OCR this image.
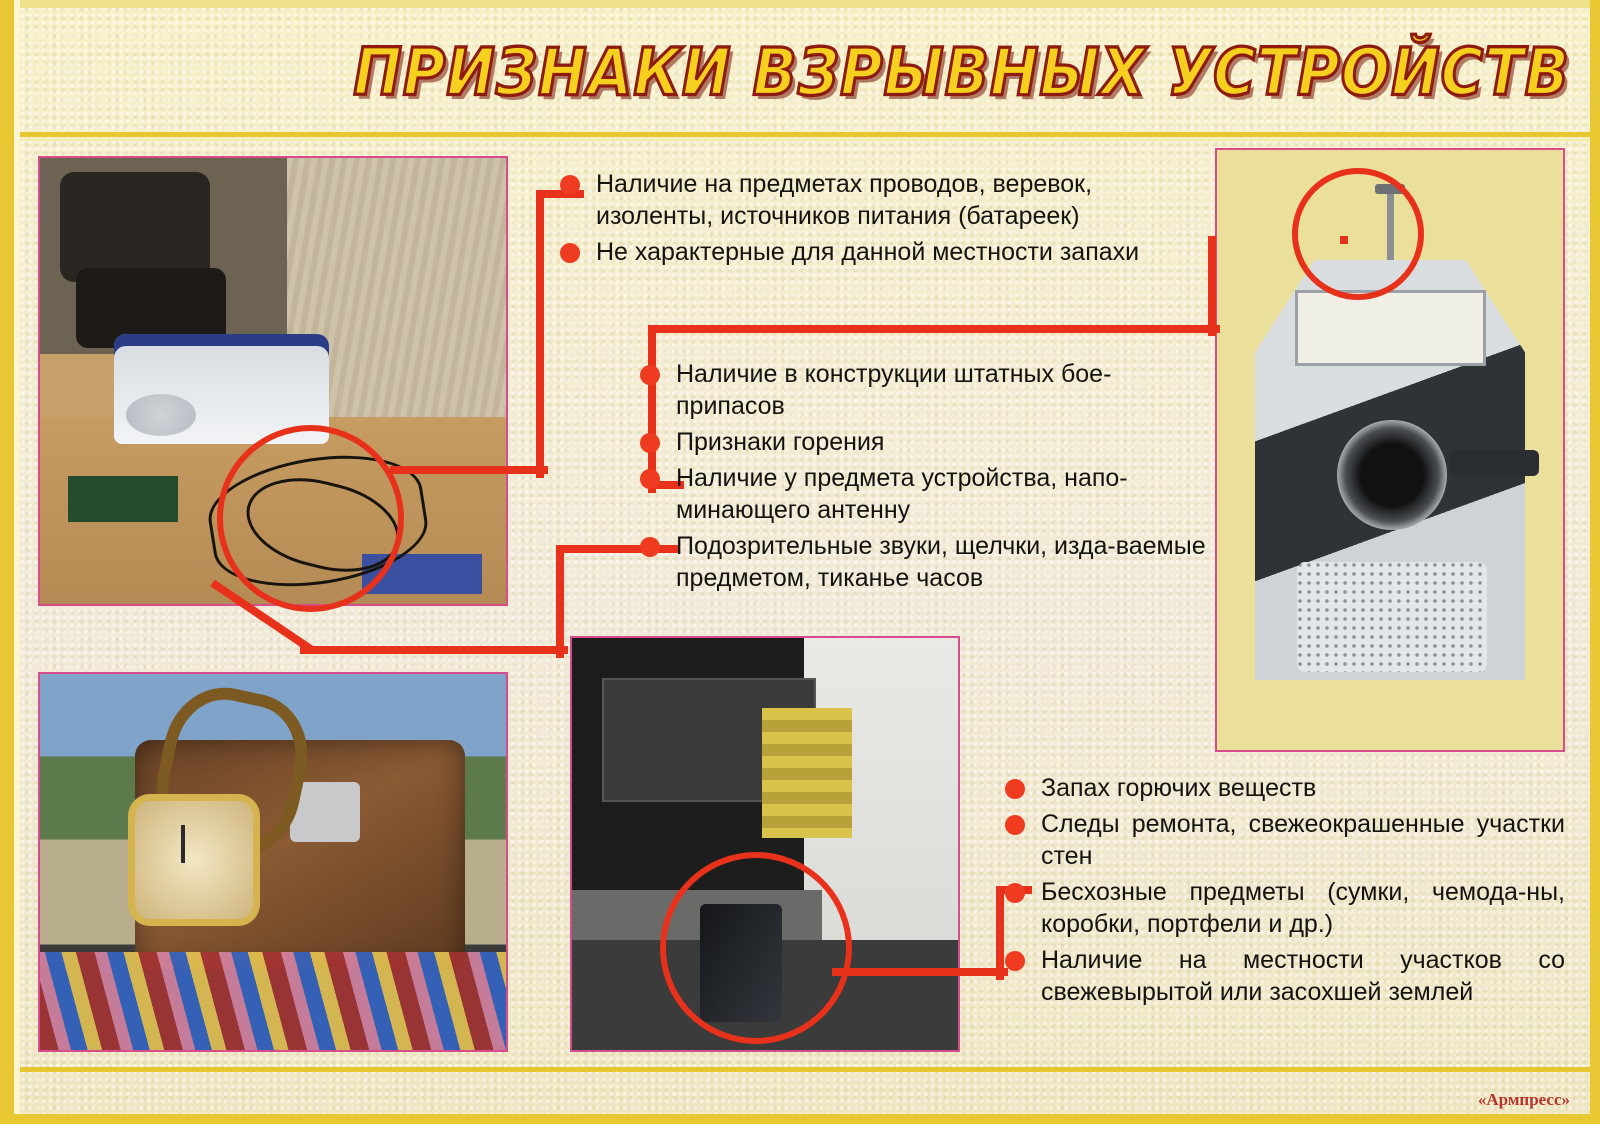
ПРИЗНАКИ ВЗРЫВНЫХ УСТРОЙСТВ

Наличие на предметах проводов, веревок, изоленты, источников питания (батареек)

Не характерные для данной местности запахи

Наличие в конструкции штатных бое-припасов

Признаки горения

Наличие у предмета устройства, напо-минающего антенну

Подозрительные звуки, щелчки, изда-ваемые предметом, тиканье часов

Запах горючих веществ

Следы ремонта, свежеокрашенные участки стен

Бесхозные предметы (сумки, чемода-ны, коробки, портфели и др.)

Наличие на местности участков со свежевырытой или засохшей землей

«Армпресс»
